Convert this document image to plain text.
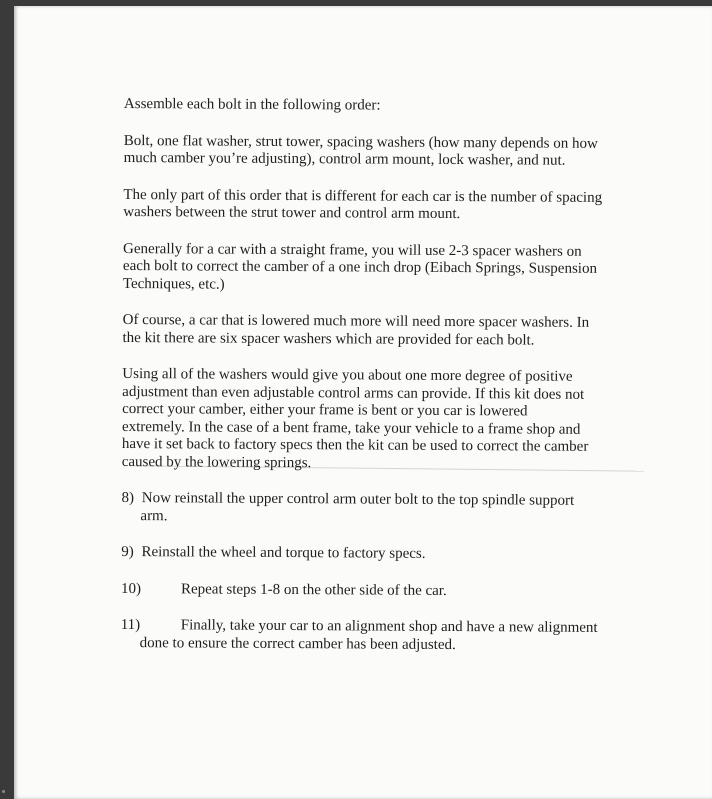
Assemble each bolt in the following order:

Bolt, one flat washer, strut tower, spacing washers (how many depends on how much camber you’re adjusting), control arm mount, lock washer, and nut.

The only part of this order that is different for each car is the number of spacing washers between the strut tower and control arm mount.

Generally for a car with a straight frame, you will use 2-3 spacer washers on each bolt to correct the camber of a one inch drop (Eibach Springs, Suspension Techniques, etc.)

Of course, a car that is lowered much more will need more spacer washers. In the kit there are six spacer washers which are provided for each bolt.

Using all of the washers would give you about one more degree of positive adjustment than even adjustable control arms can provide. If this kit does not correct your camber, either your frame is bent or you car is lowered extremely. In the case of a bent frame, take your vehicle to a frame shop and have it set back to factory specs then the kit can be used to correct the camber caused by the lowering springs.

8) Now reinstall the upper control arm outer bolt to the top spindle support arm.
9) Reinstall the wheel and torque to factory specs.
10)	Repeat steps 1-8 on the other side of the car.
11)	Finally, take your car to an alignment shop and have a new alignment done to ensure the correct camber has been adjusted.
